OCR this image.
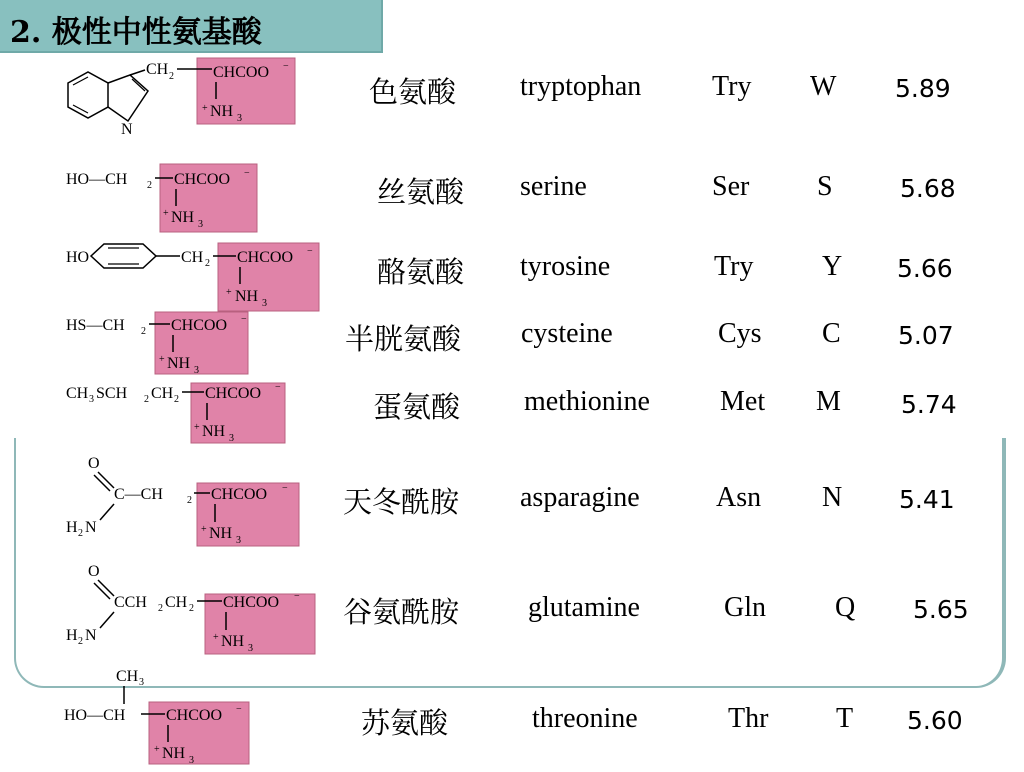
2. 极性中性氨基酸
N
CH 2 CHCOO −
+ NH 3
色氨酸 tryptophan	Try W 5.89
HO—CH 2 CHCOO −
+ NH 3
丝氨酸 serine	Ser S	5.68
HO	CH 2 CHCOO −
+ NH 3
酪氨酸 tyrosine	Try Y 5.66
HS—CH 2 CHCOO −
+ NH 3
半胱氨酸 cysteine	Cys C 5.07
CH 3 SCH 2 CH 2 CHCOO −
+ NH 3
蛋氨酸 methionine	Met M 5.74
O
C—CH 2
H 2 N
CHCOO −
+ NH 3
天冬酰胺 asparagine	Asn N 5.41
O
CCH 2 CH 2
H 2 N
CHCOO −
+ NH 3
谷氨酰胺 glutamine	Gln Q 5.65
CH 3
HO—CH	CHCOO −
+ NH 3
苏氨酸	threonine	Thr T 5.60
